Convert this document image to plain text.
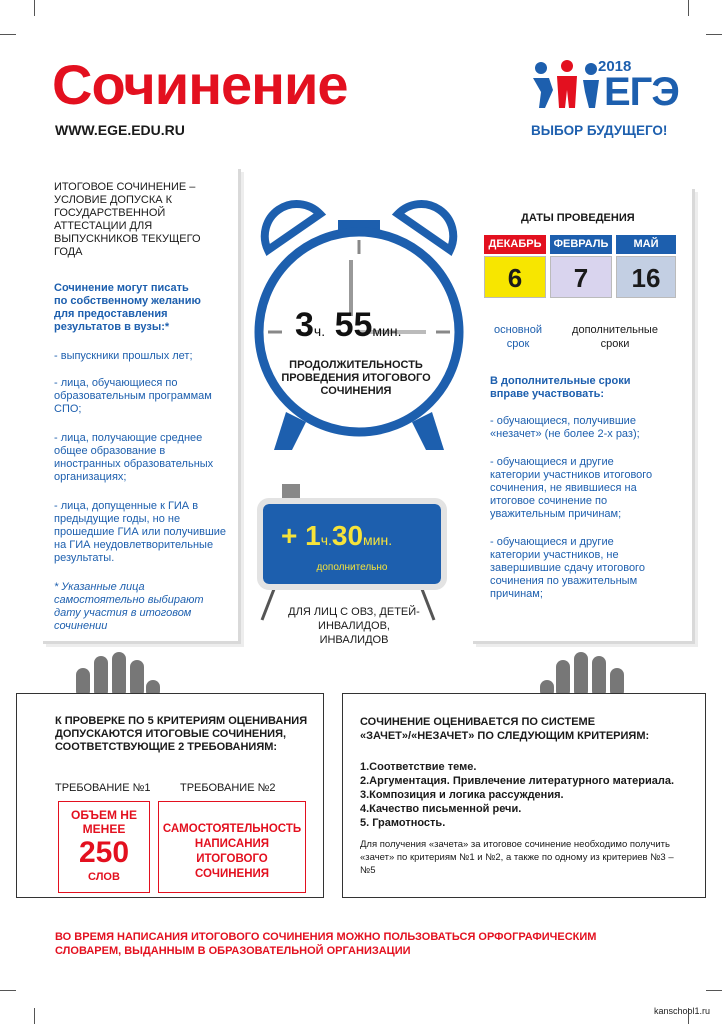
Сочинение
WWW.EGE.EDU.RU
2018
ЕГЭ
ВЫБОР БУДУЩЕГО!
ИТОГОВОЕ СОЧИНЕНИЕ – УСЛОВИЕ ДОПУСКА К ГОСУДАРСТВЕННОЙ АТТЕСТАЦИИ ДЛЯ ВЫПУСКНИКОВ ТЕКУЩЕГО ГОДА
Сочинение могут писать по собственному желанию для предоставления результатов в вузы:*
- выпускники прошлых лет;
- лица, обучающиеся по образовательным программам СПО;
- лица, получающие среднее общее образование в иностранных образовательных организациях;
- лица, допущенные к ГИА в предыдущие годы, но не прошедшие ГИА или получившие на ГИА неудовлетворительные результаты.
* Указанные лица самостоятельно выбирают дату участия в итоговом сочинении
3ч. 55мин.
ПРОДОЛЖИТЕЛЬНОСТЬ ПРОВЕДЕНИЯ ИТОГОВОГО СОЧИНЕНИЯ
+ 1ч.30мин.
дополнительно
ДЛЯ ЛИЦ С ОВЗ, ДЕТЕЙ-ИНВАЛИДОВ, ИНВАЛИДОВ
ДАТЫ ПРОВЕДЕНИЯ
ДЕКАБРЬ	ФЕВРАЛЬ	МАЙ
6	7	16
основной срок
дополнительные сроки
В дополнительные сроки вправе участвовать:
- обучающиеся, получившие «незачет» (не более 2-х раз);
- обучающиеся и другие категории участников итогового сочинения, не явившиеся на итоговое сочинение по уважительным причинам;
- обучающиеся и другие категории участников, не завершившие сдачу итогового сочинения по уважительным причинам;
К ПРОВЕРКЕ ПО 5 КРИТЕРИЯМ ОЦЕНИВАНИЯ ДОПУСКАЮТСЯ ИТОГОВЫЕ СОЧИНЕНИЯ, СООТВЕТСТВУЮЩИЕ 2 ТРЕБОВАНИЯМ:
ТРЕБОВАНИЕ №1	ТРЕБОВАНИЕ №2
ОБЪЕМ НЕ МЕНЕЕ
250
СЛОВ
САМОСТОЯТЕЛЬНОСТЬ НАПИСАНИЯ ИТОГОВОГО СОЧИНЕНИЯ
СОЧИНЕНИЕ ОЦЕНИВАЕТСЯ ПО СИСТЕМЕ «ЗАЧЕТ»/«НЕЗАЧЕТ» ПО СЛЕДУЮЩИМ КРИТЕРИЯМ:
1.Соответствие теме.
2.Аргументация. Привлечение литературного материала.
3.Композиция и логика рассуждения.
4.Качество письменной речи.
5. Грамотность.
Для получения «зачета» за итоговое сочинение необходимо получить «зачет» по критериям №1 и №2, а также по одному из критериев №3 – №5
ВО ВРЕМЯ НАПИСАНИЯ ИТОГОВОГО СОЧИНЕНИЯ МОЖНО ПОЛЬЗОВАТЬСЯ ОРФОГРАФИЧЕСКИМ СЛОВАРЕМ, ВЫДАННЫМ В ОБРАЗОВАТЕЛЬНОЙ ОРГАНИЗАЦИИ
kanschool1.ru
